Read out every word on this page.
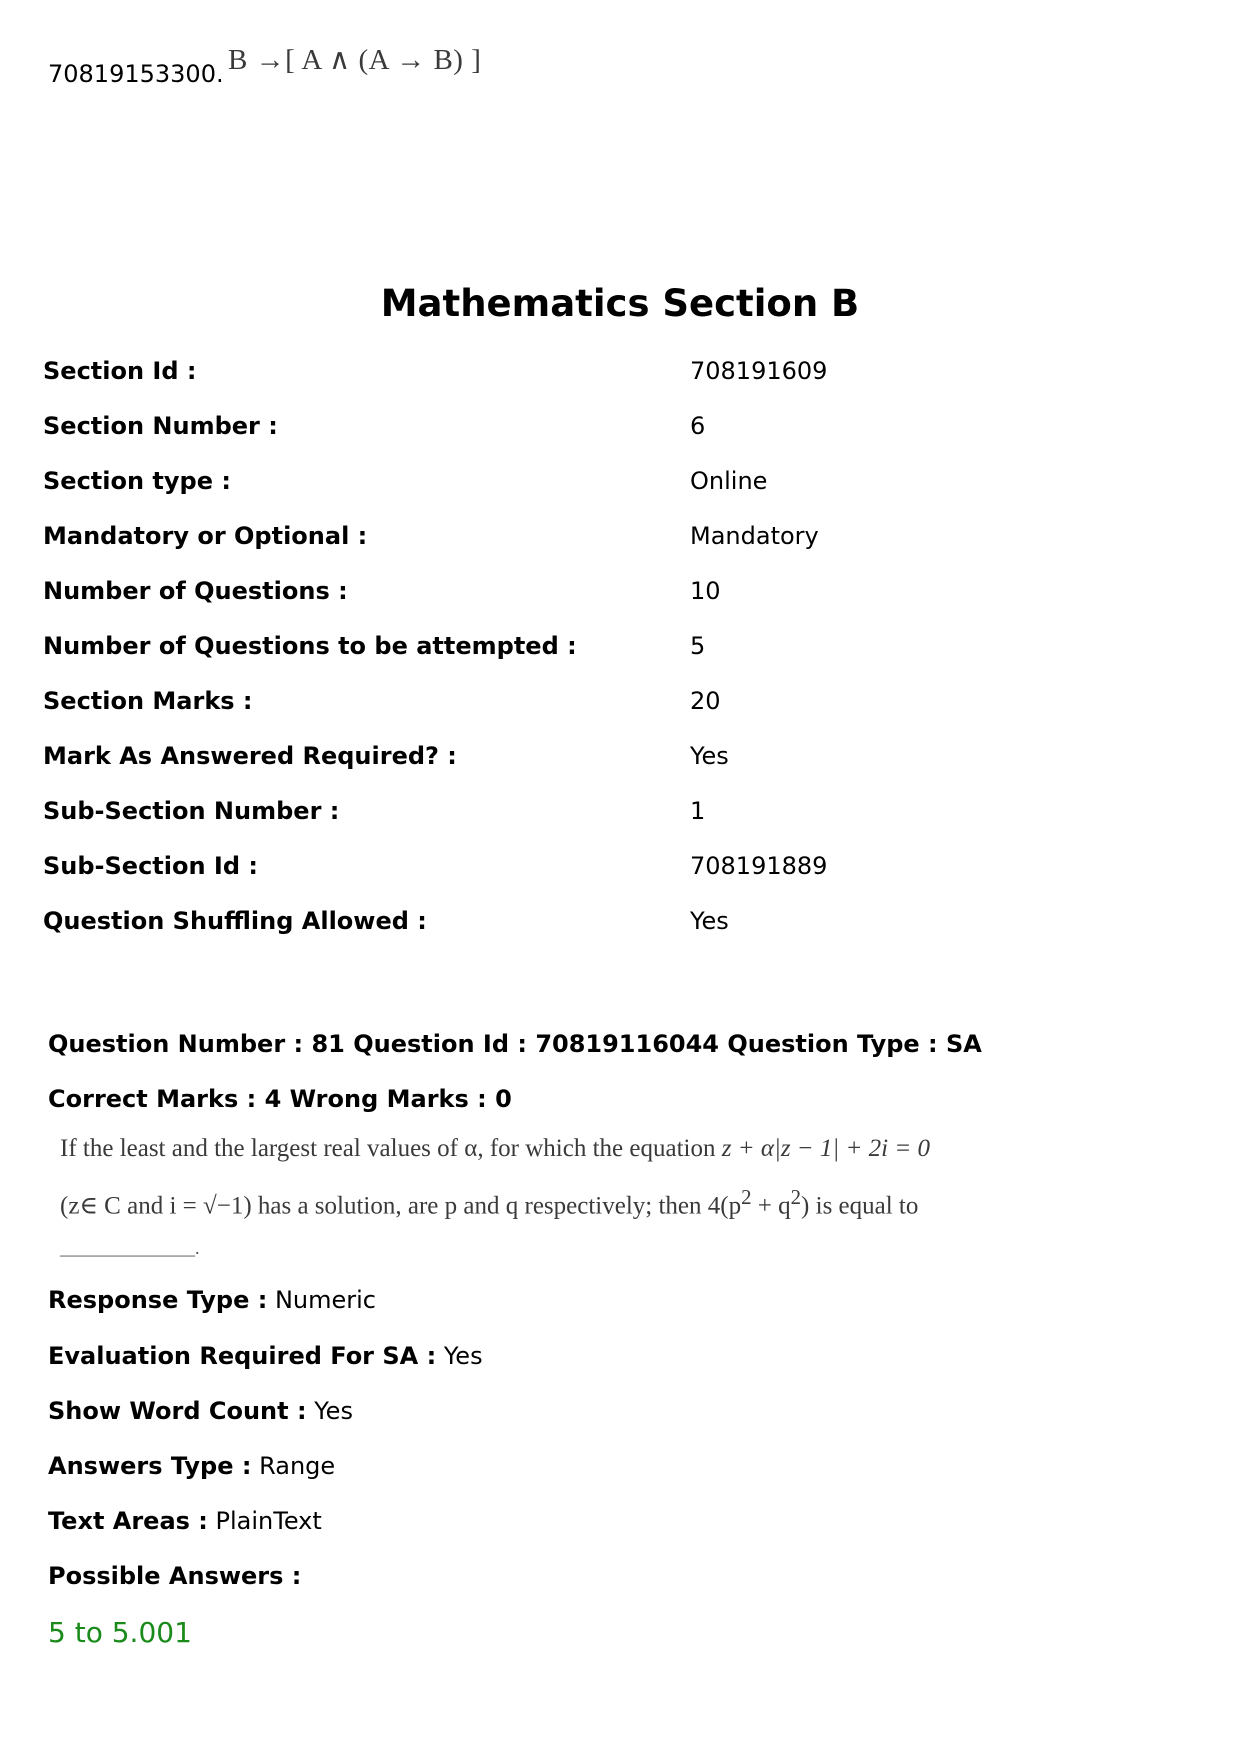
70819153300. B →[ A ∧ (A → B) ]
Mathematics Section B
Section Id :	708191609
Section Number :	6
Section type :	Online
Mandatory or Optional :	Mandatory
Number of Questions :	10
Number of Questions to be attempted :	5
Section Marks :	20
Mark As Answered Required? :	Yes
Sub-Section Number :	1
Sub-Section Id :	708191889
Question Shuffling Allowed :	Yes
Question Number : 81 Question Id : 70819116044 Question Type : SA
Correct Marks : 4 Wrong Marks : 0
If the least and the largest real values of α, for which the equation z + α|z − 1| + 2i = 0
(z∈ C and i = √−1) has a solution, are p and q respectively; then $4(p^2 + q^2)$ is equal to
_______________.
Response Type : Numeric
Evaluation Required For SA : Yes
Show Word Count : Yes
Answers Type : Range
Text Areas : PlainText
Possible Answers :
5 to 5.001
